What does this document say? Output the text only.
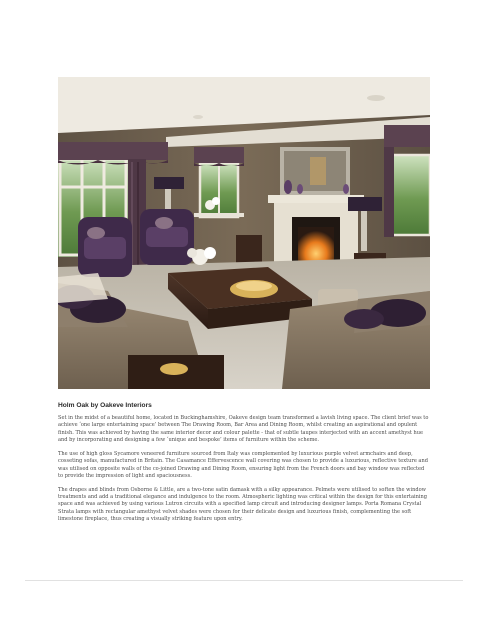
Holm Oak by Oakeve Interiors

Set in the midst of a beautiful home, located in Buckinghamshire, Oakeve design team transformed a lavish living space. The client brief was to achieve ‘one large entertaining space’ between The Drawing Room, Bar Area and Dining Room, whilst creating an aspirational and opulent finish. This was achieved by having the same interior decor and colour palette - that of subtle taupes interjected with an accent amethyst hue and by incorporating and designing a few ‘unique and bespoke’ items of furniture within the scheme.

The use of high gloss Sycamore veneered furniture sourced from Italy was complemented by luxurious purple velvet armchairs and deep, cosseting sofas, manufactured in Britain. The Casamance Effervescence wall covering was chosen to provide a luxurious, reflective texture and was utilised on opposite walls of the co-joined Drawing and Dining Room, ensuring light from the French doors and bay window was reflected to provide the impression of light and spaciousness.

The drapes and blinds from Osborne & Little, are a two-tone satin damask with a silky appearance. Pelmets were utilised to soften the window treatments and add a traditional elegance and indulgence to the room. Atmospheric lighting was critical within the design for this entertaining space and was achieved by using various Lutron circuits with a specified lamp circuit and introducing designer lamps. Porta Romana Crystal Strata lamps with rectangular amethyst velvet shades were chosen for their delicate design and luxurious finish, complementing the soft limestone fireplace, thus creating a visually striking feature upon entry.
